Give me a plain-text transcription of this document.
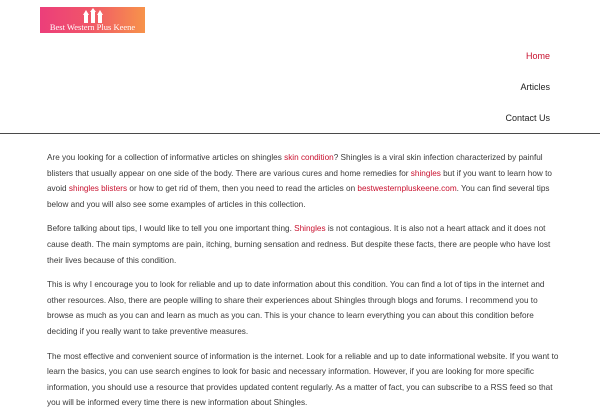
Best Western Plus Keene
Home
Articles
Contact Us

Are you looking for a collection of informative articles on shingles skin condition? Shingles is a viral skin infection characterized by painful blisters that usually appear on one side of the body. There are various cures and home remedies for shingles but if you want to learn how to avoid shingles blisters or how to get rid of them, then you need to read the articles on bestwesternpluskeene.com. You can find several tips below and you will also see some examples of articles in this collection.

Before talking about tips, I would like to tell you one important thing. Shingles is not contagious. It is also not a heart attack and it does not cause death. The main symptoms are pain, itching, burning sensation and redness. But despite these facts, there are people who have lost their lives because of this condition.

This is why I encourage you to look for reliable and up to date information about this condition. You can find a lot of tips in the internet and other resources. Also, there are people willing to share their experiences about Shingles through blogs and forums. I recommend you to browse as much as you can and learn as much as you can. This is your chance to learn everything you can about this condition before deciding if you really want to take preventive measures.

The most effective and convenient source of information is the internet. Look for a reliable and up to date informational website. If you want to learn the basics, you can use search engines to look for basic and necessary information. However, if you are looking for more specific information, you should use a resource that provides updated content regularly. As a matter of fact, you can subscribe to a RSS feed so that you will be informed every time there is new information about Shingles.
